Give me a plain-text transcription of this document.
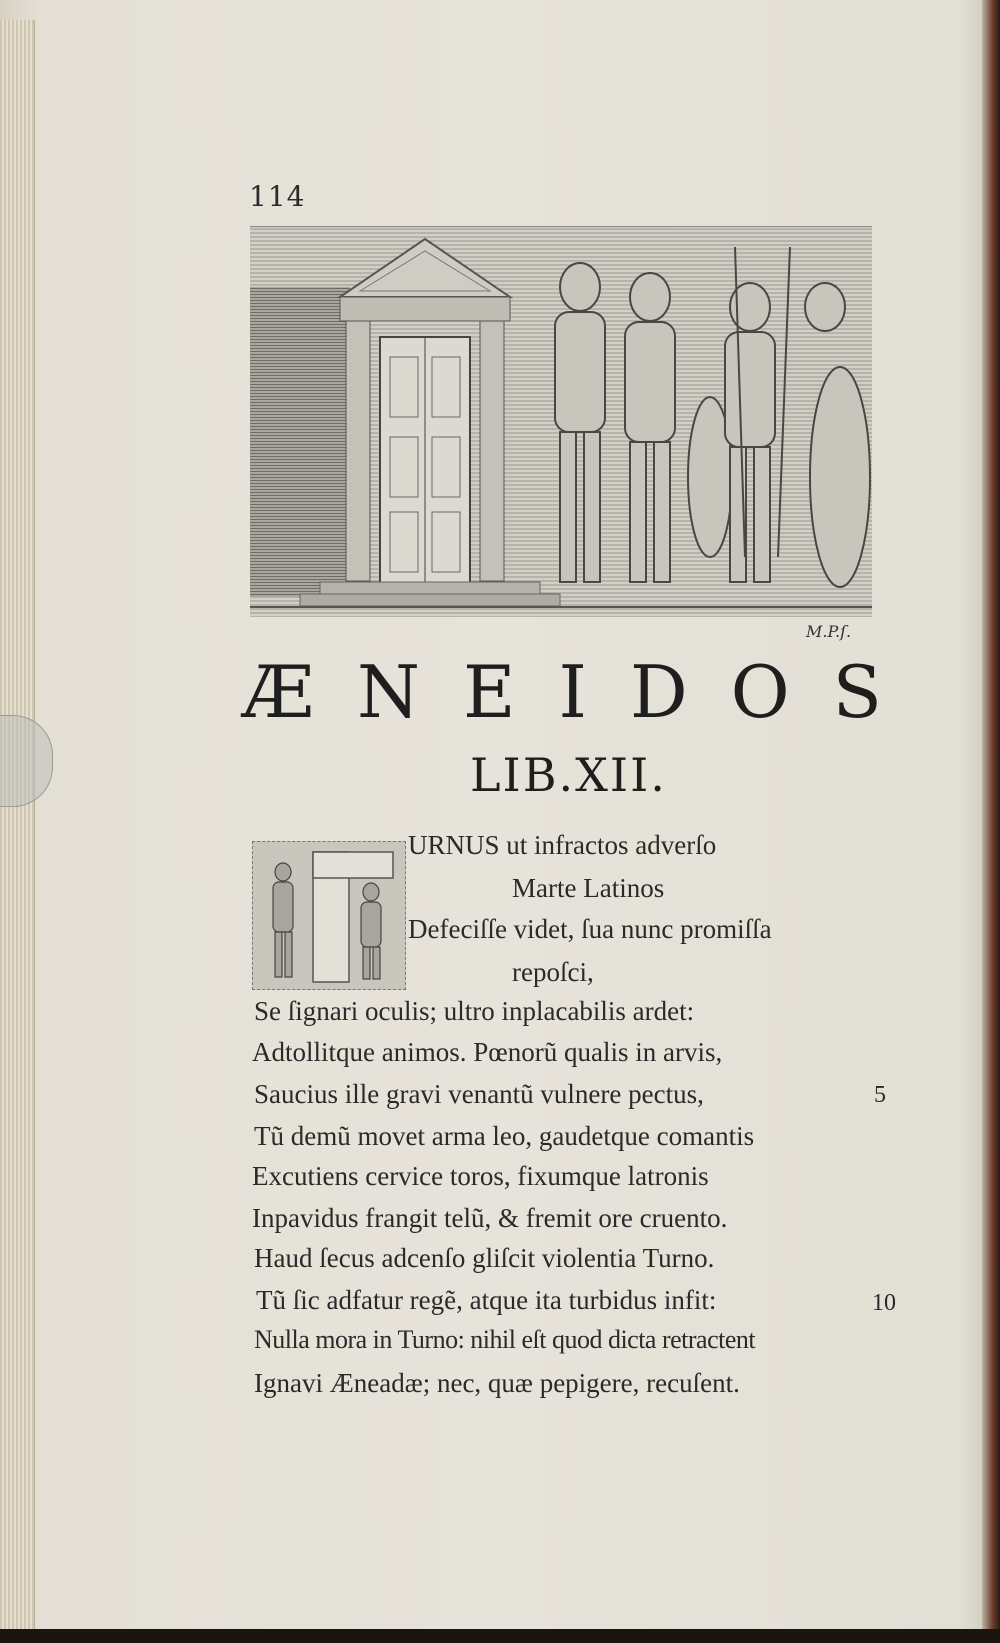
114
M.P.ſ.
Æ N E I D O S
LIB.XII.
URNUS ut infractos adverſo
Marte Latinos
Defeciſſe videt, ſua nunc promiſſa
repoſci,
Se ſignari oculis; ultro inplacabilis ardet:
Adtollitque animos. Pœnorũ qualis in arvis,
Saucius ille gravi venantũ vulnere pectus,
Tũ demũ movet arma leo, gaudetque comantis
Excutiens cervice toros, fixumque latronis
Inpavidus frangit telũ, & fremit ore cruento.
Haud ſecus adcenſo gliſcit violentia Turno.
Tũ ſic adfatur regẽ, atque ita turbidus infit:
Nulla mora in Turno: nihil eſt quod dicta retractent
Ignavi Æneadæ; nec, quæ pepigere, recuſent.
5
10
